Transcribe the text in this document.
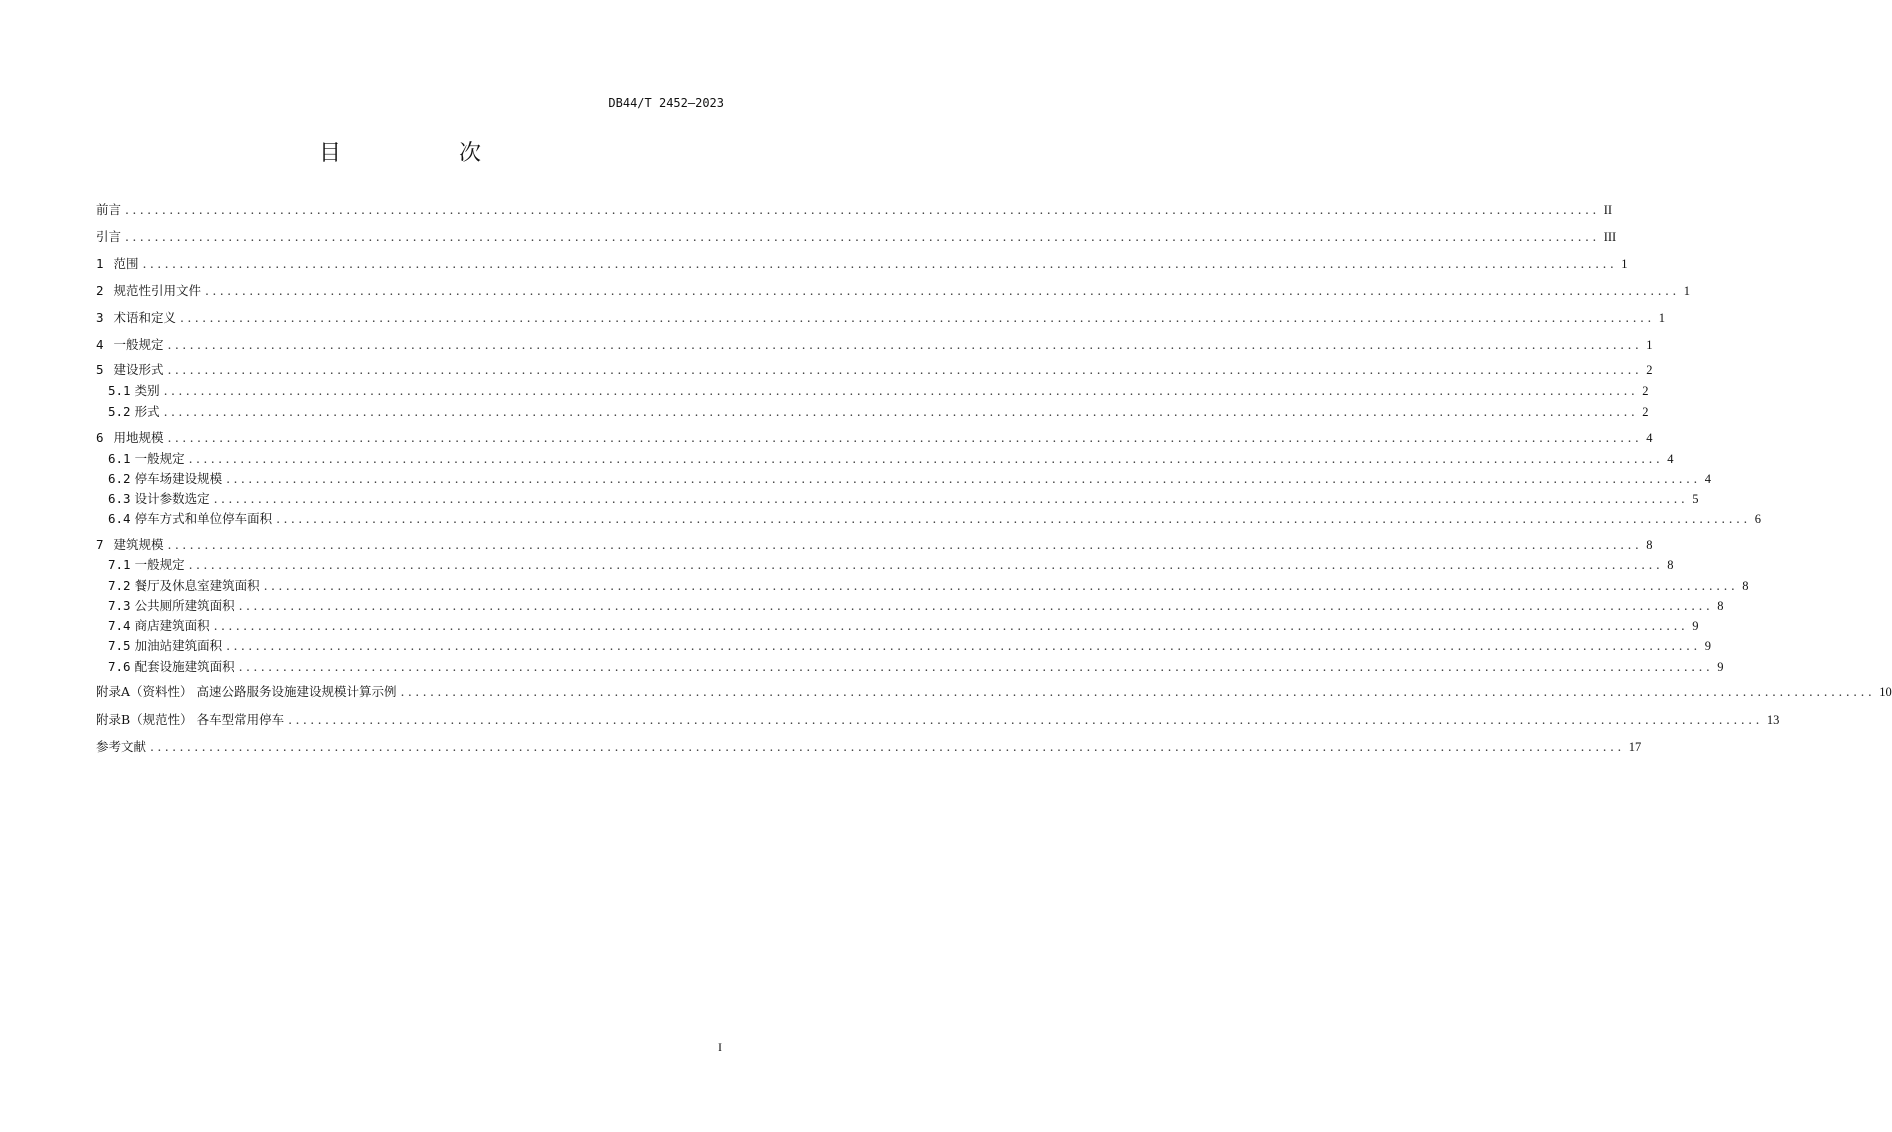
DB44/T 2452—2023
目　次
前言 ........................................................................................................................................................................................................ II
引言 ........................................................................................................................................................................................................ III
1 范围 ........................................................................................................................................................................................................ 1
2 规范性引用文件 ........................................................................................................................................................................................................ 1
3 术语和定义 ........................................................................................................................................................................................................ 1
4 一般规定 ........................................................................................................................................................................................................ 1
5 建设形式 ........................................................................................................................................................................................................ 2
5.1 类别 ........................................................................................................................................................................................................ 2
5.2 形式 ........................................................................................................................................................................................................ 2
6 用地规模 ........................................................................................................................................................................................................ 4
6.1 一般规定 ........................................................................................................................................................................................................ 4
6.2 停车场建设规模 ........................................................................................................................................................................................................ 4
6.3 设计参数选定 ........................................................................................................................................................................................................ 5
6.4 停车方式和单位停车面积 ........................................................................................................................................................................................................ 6
7 建筑规模 ........................................................................................................................................................................................................ 8
7.1 一般规定 ........................................................................................................................................................................................................ 8
7.2 餐厅及休息室建筑面积 ........................................................................................................................................................................................................ 8
7.3 公共厕所建筑面积 ........................................................................................................................................................................................................ 8
7.4 商店建筑面积 ........................................................................................................................................................................................................ 9
7.5 加油站建筑面积 ........................................................................................................................................................................................................ 9
7.6 配套设施建筑面积 ........................................................................................................................................................................................................ 9
附录A（资料性） 高速公路服务设施建设规模计算示例 ........................................................................................................................................................................................................ 10
附录B（规范性） 各车型常用停车 ........................................................................................................................................................................................................ 13
参考文献 ........................................................................................................................................................................................................ 17
I
